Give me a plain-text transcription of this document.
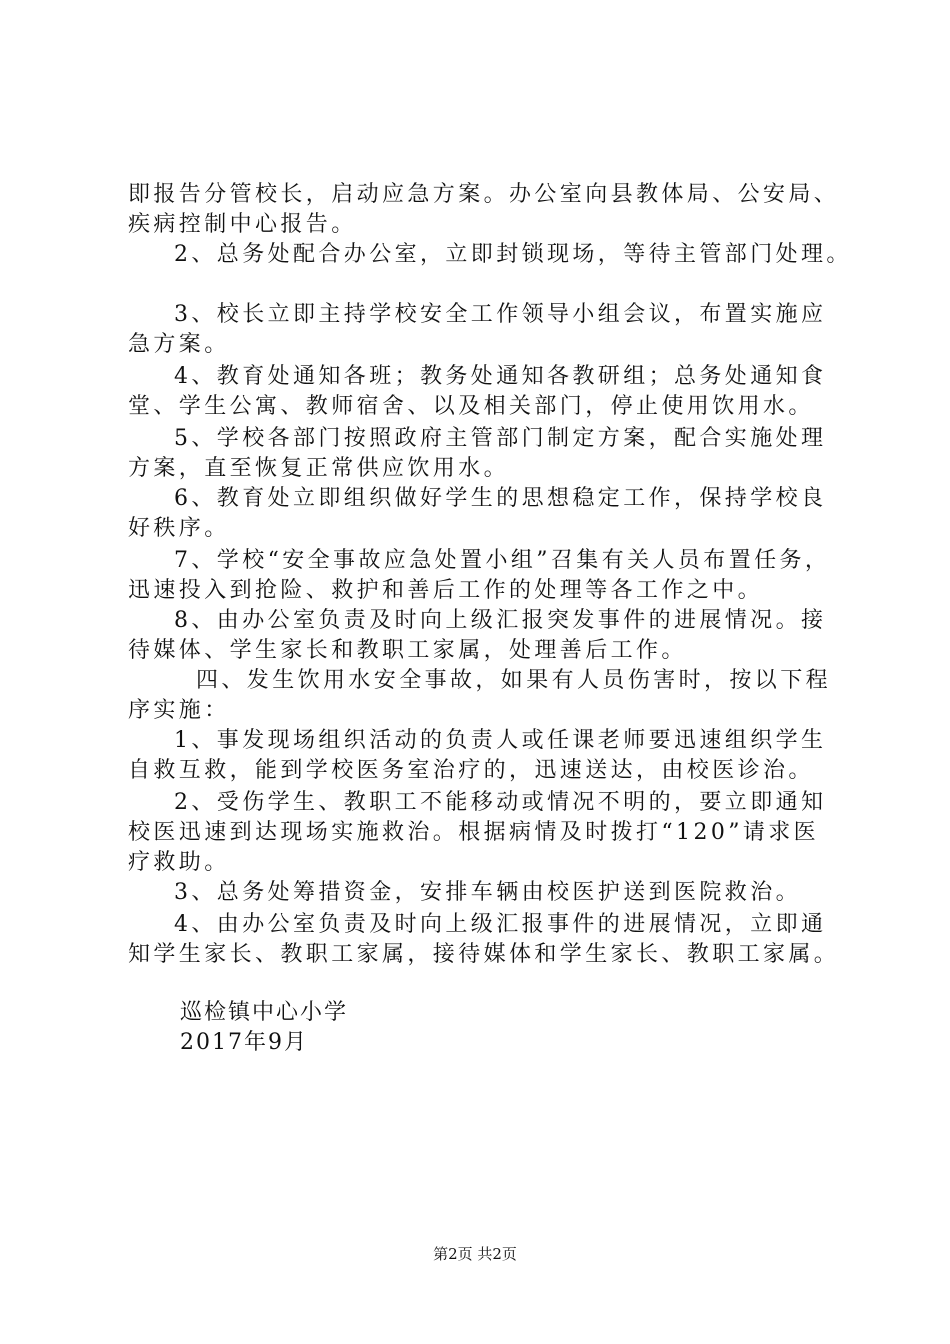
即报告分管校长，启动应急方案。办公室向县教体局、公安局、
疾病控制中心报告。
2、总务处配合办公室，立即封锁现场，等待主管部门处理。
3、校长立即主持学校安全工作领导小组会议，布置实施应
急方案。
4、教育处通知各班；教务处通知各教研组；总务处通知食
堂、学生公寓、教师宿舍、以及相关部门，停止使用饮用水。
5、学校各部门按照政府主管部门制定方案，配合实施处理
方案，直至恢复正常供应饮用水。
6、教育处立即组织做好学生的思想稳定工作，保持学校良
好秩序。
7、学校“安全事故应急处置小组”召集有关人员布置任务，
迅速投入到抢险、救护和善后工作的处理等各工作之中。
8、由办公室负责及时向上级汇报突发事件的进展情况。接
待媒体、学生家长和教职工家属，处理善后工作。
四、发生饮用水安全事故，如果有人员伤害时，按以下程
序实施：
1、事发现场组织活动的负责人或任课老师要迅速组织学生
自救互救，能到学校医务室治疗的，迅速送达，由校医诊治。
2、受伤学生、教职工不能移动或情况不明的，要立即通知
校医迅速到达现场实施救治。根据病情及时拨打“120”请求医
疗救助。
3、总务处筹措资金，安排车辆由校医护送到医院救治。
4、由办公室负责及时向上级汇报事件的进展情况，立即通
知学生家长、教职工家属，接待媒体和学生家长、教职工家属。
巡检镇中心小学
2017年9月
第2页 共2页
